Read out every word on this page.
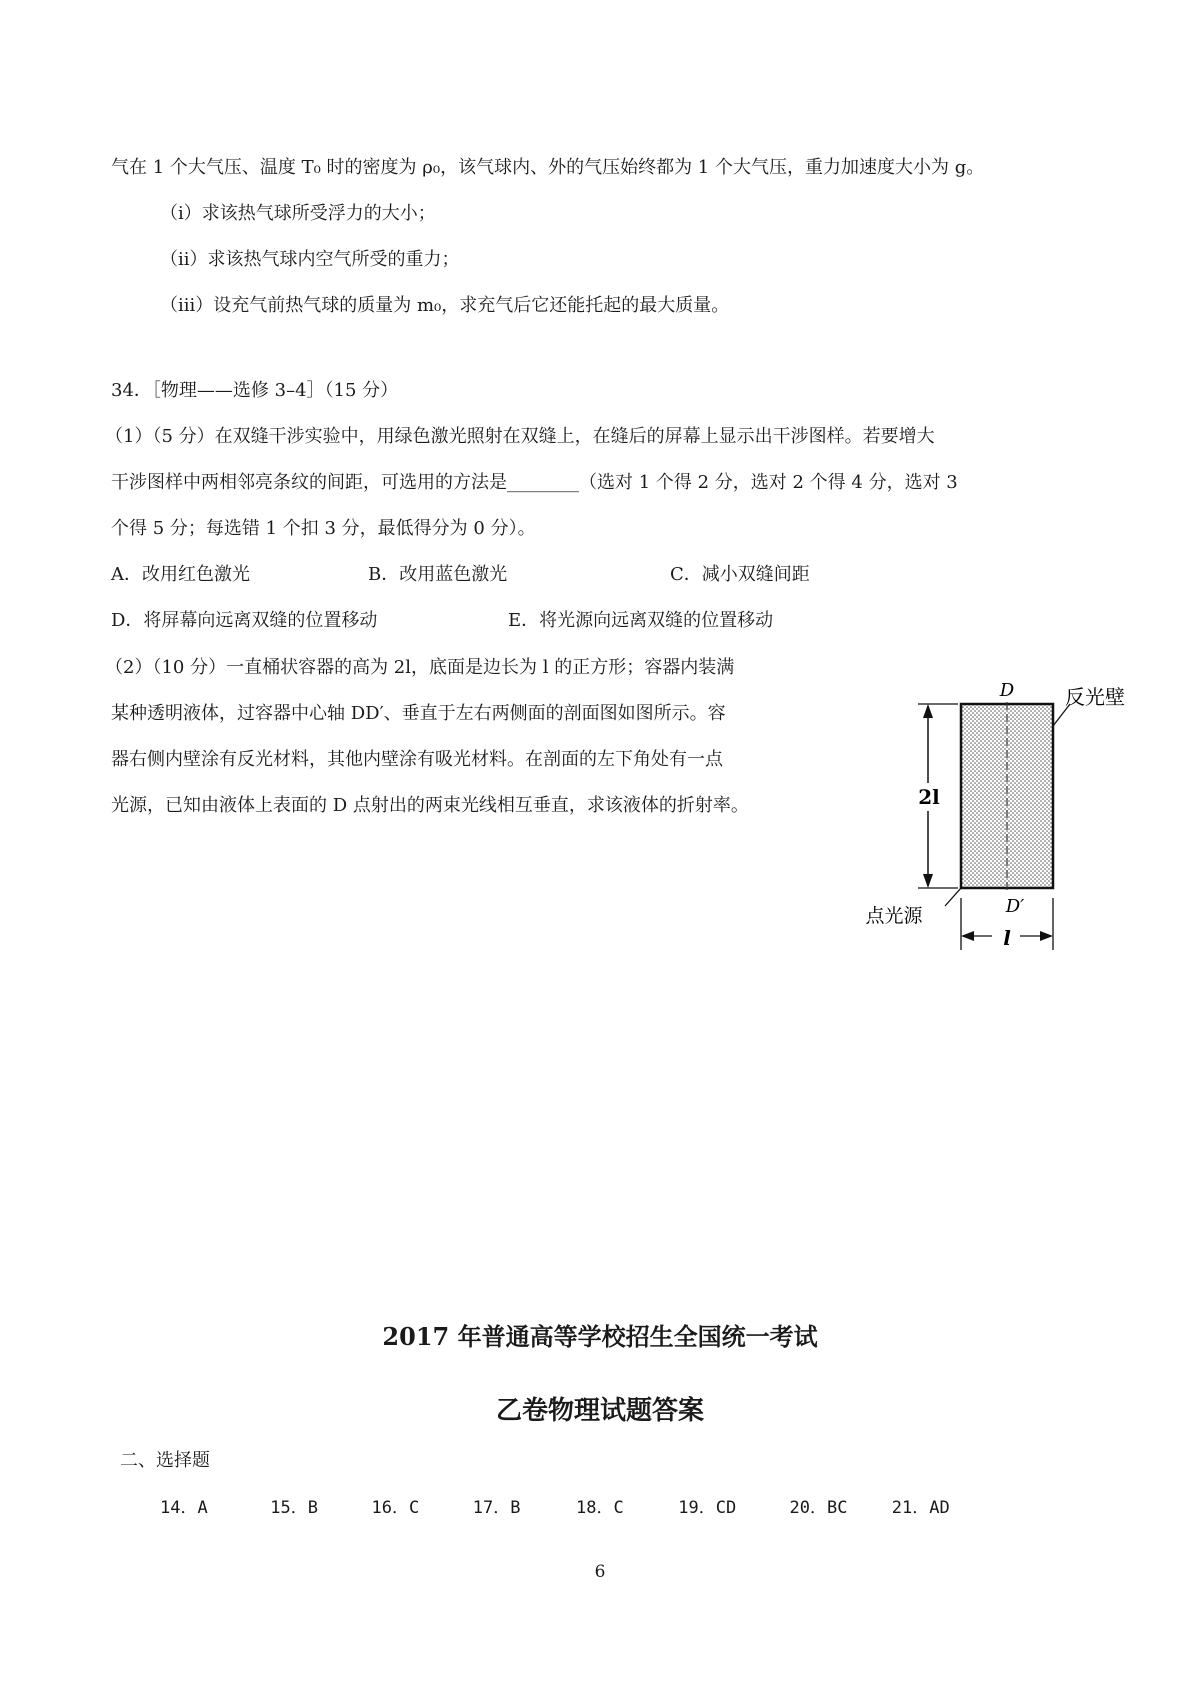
气在 1 个大气压、温度 T₀ 时的密度为 ρ₀，该气球内、外的气压始终都为 1 个大气压，重力加速度大小为 g。
（i）求该热气球所受浮力的大小；
（ii）求该热气球内空气所受的重力；
（iii）设充气前热气球的质量为 m₀，求充气后它还能托起的最大质量。
34．［物理——选修 3–4］（15 分）
（1）（5 分）在双缝干涉实验中，用绿色激光照射在双缝上，在缝后的屏幕上显示出干涉图样。若要增大
干涉图样中两相邻亮条纹的间距，可选用的方法是________（选对 1 个得 2 分，选对 2 个得 4 分，选对 3
个得 5 分；每选错 1 个扣 3 分，最低得分为 0 分）。
A．改用红色激光	B．改用蓝色激光	C．减小双缝间距
D．将屏幕向远离双缝的位置移动	E．将光源向远离双缝的位置移动
（2）（10 分）一直桶状容器的高为 2l，底面是边长为 l 的正方形；容器内装满
某种透明液体，过容器中心轴 DD′、垂直于左右两侧面的剖面图如图所示。容
器右侧内壁涂有反光材料，其他内壁涂有吸光材料。在剖面的左下角处有一点
光源，已知由液体上表面的 D 点射出的两束光线相互垂直，求该液体的折射率。
D
D′
反光壁
2l
l
点光源
2017 年普通高等学校招生全国统一考试
乙卷物理试题答案
二、选择题
14．A	15．B	16．C	17．B	18．C	19．CD	20．BC	21．AD
6
